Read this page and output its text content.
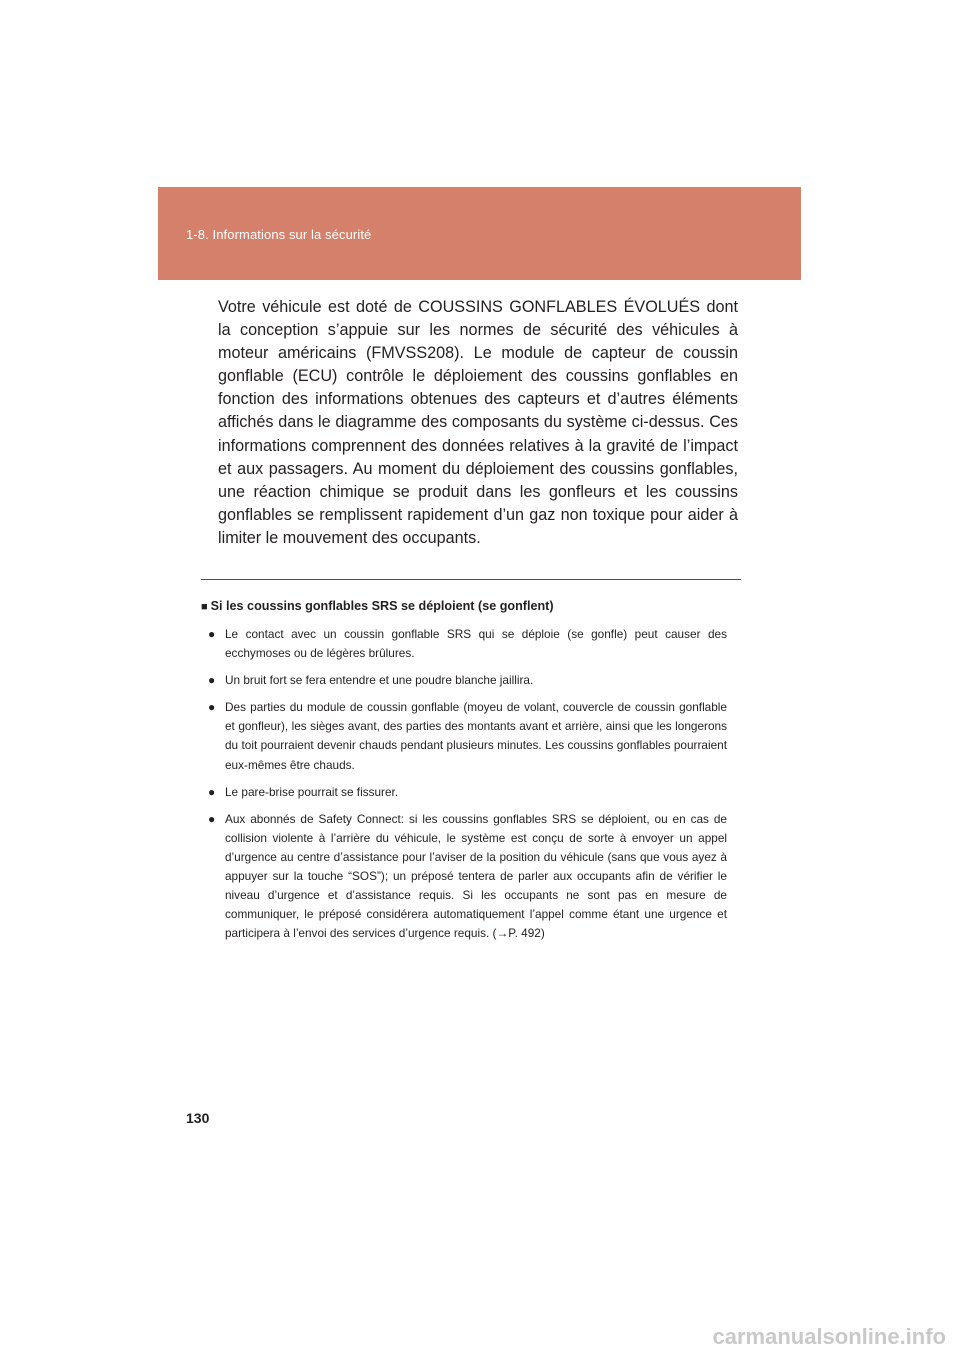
1-8. Informations sur la sécurité

Votre véhicule est doté de COUSSINS GONFLABLES ÉVOLUÉS dont la conception s’appuie sur les normes de sécurité des véhicules à moteur américains (FMVSS208). Le module de capteur de coussin gonflable (ECU) contrôle le déploiement des coussins gonflables en fonction des informations obtenues des capteurs et d’autres éléments affichés dans le diagramme des composants du système ci-dessus. Ces informations comprennent des données relatives à la gravité de l’impact et aux passagers. Au moment du déploiement des coussins gonflables, une réaction chimique se produit dans les gonfleurs et les coussins gonflables se remplissent rapidement d’un gaz non toxique pour aider à limiter le mouvement des occupants.

■ Si les coussins gonflables SRS se déploient (se gonflent)

● Le contact avec un coussin gonflable SRS qui se déploie (se gonfle) peut causer des ecchymoses ou de légères brûlures.
● Un bruit fort se fera entendre et une poudre blanche jaillira.
● Des parties du module de coussin gonflable (moyeu de volant, couvercle de coussin gonflable et gonfleur), les sièges avant, des parties des montants avant et arrière, ainsi que les longerons du toit pourraient devenir chauds pendant plusieurs minutes. Les coussins gonflables pourraient eux-mêmes être chauds.
● Le pare-brise pourrait se fissurer.
● Aux abonnés de Safety Connect: si les coussins gonflables SRS se déploient, ou en cas de collision violente à l’arrière du véhicule, le système est conçu de sorte à envoyer un appel d’urgence au centre d’assistance pour l’aviser de la position du véhicule (sans que vous ayez à appuyer sur la touche “SOS”); un préposé tentera de parler aux occupants afin de vérifier le niveau d’urgence et d’assistance requis. Si les occupants ne sont pas en mesure de communiquer, le préposé considérera automatiquement l’appel comme étant une urgence et participera à l’envoi des services d’urgence requis. (→P. 492)
130
carmanualsonline.info
